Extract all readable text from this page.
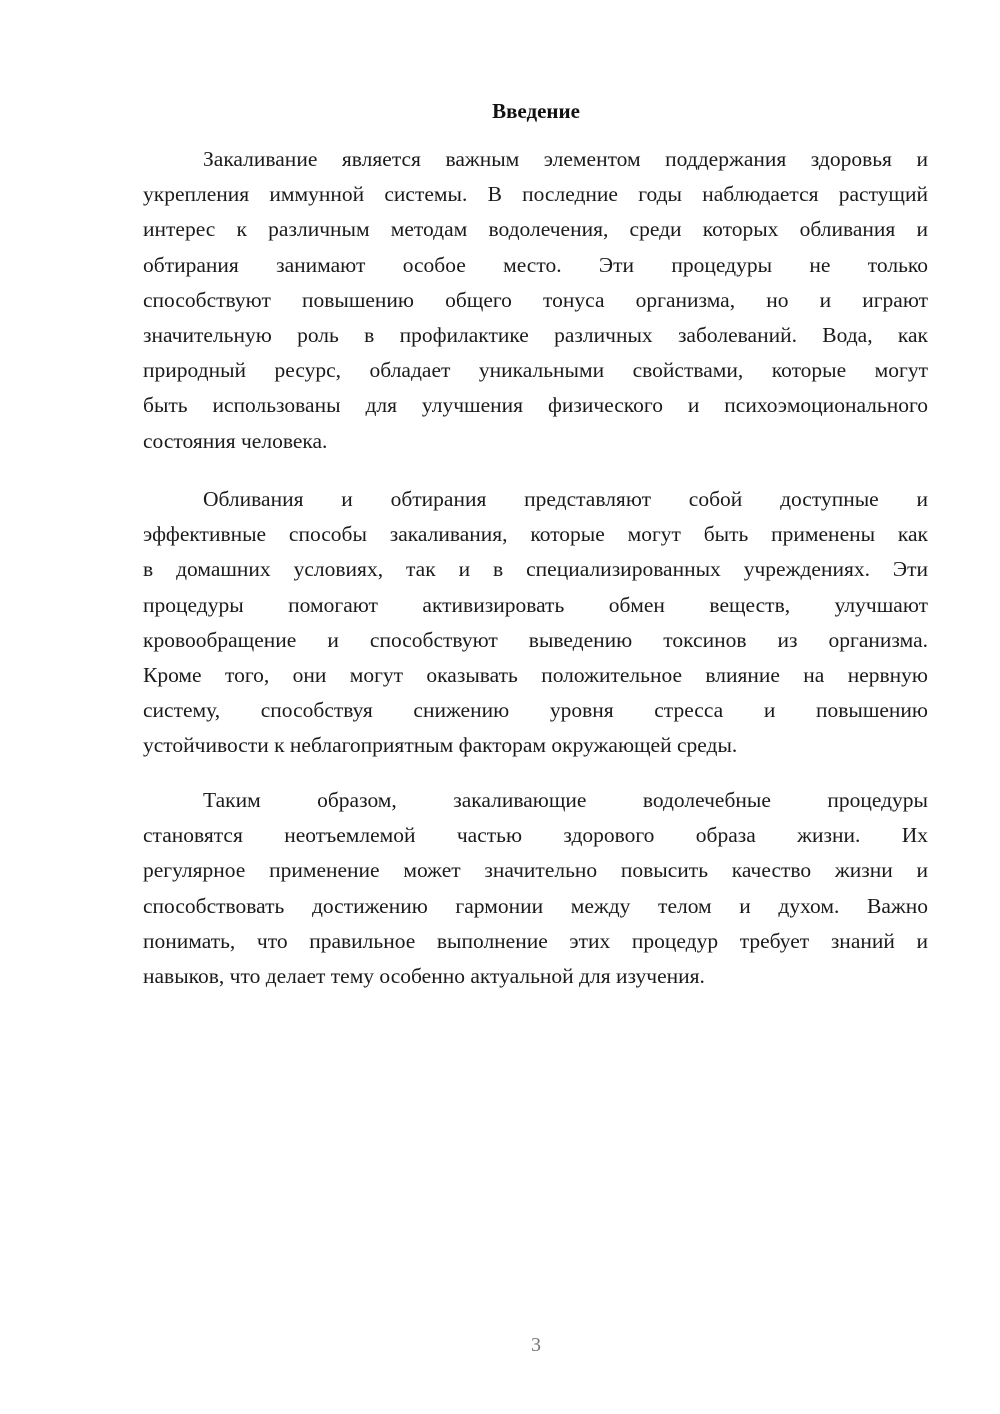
Введение
Закаливание является важным элементом поддержания здоровья и
укрепления иммунной системы. В последние годы наблюдается растущий
интерес к различным методам водолечения, среди которых обливания и
обтирания занимают особое место. Эти процедуры не только
способствуют повышению общего тонуса организма, но и играют
значительную роль в профилактике различных заболеваний. Вода, как
природный ресурс, обладает уникальными свойствами, которые могут
быть использованы для улучшения физического и психоэмоционального
состояния человека.
Обливания и обтирания представляют собой доступные и
эффективные способы закаливания, которые могут быть применены как
в домашних условиях, так и в специализированных учреждениях. Эти
процедуры помогают активизировать обмен веществ, улучшают
кровообращение и способствуют выведению токсинов из организма.
Кроме того, они могут оказывать положительное влияние на нервную
систему, способствуя снижению уровня стресса и повышению
устойчивости к неблагоприятным факторам окружающей среды.
Таким образом, закаливающие водолечебные процедуры
становятся неотъемлемой частью здорового образа жизни. Их
регулярное применение может значительно повысить качество жизни и
способствовать достижению гармонии между телом и духом. Важно
понимать, что правильное выполнение этих процедур требует знаний и
навыков, что делает тему особенно актуальной для изучения.
3
